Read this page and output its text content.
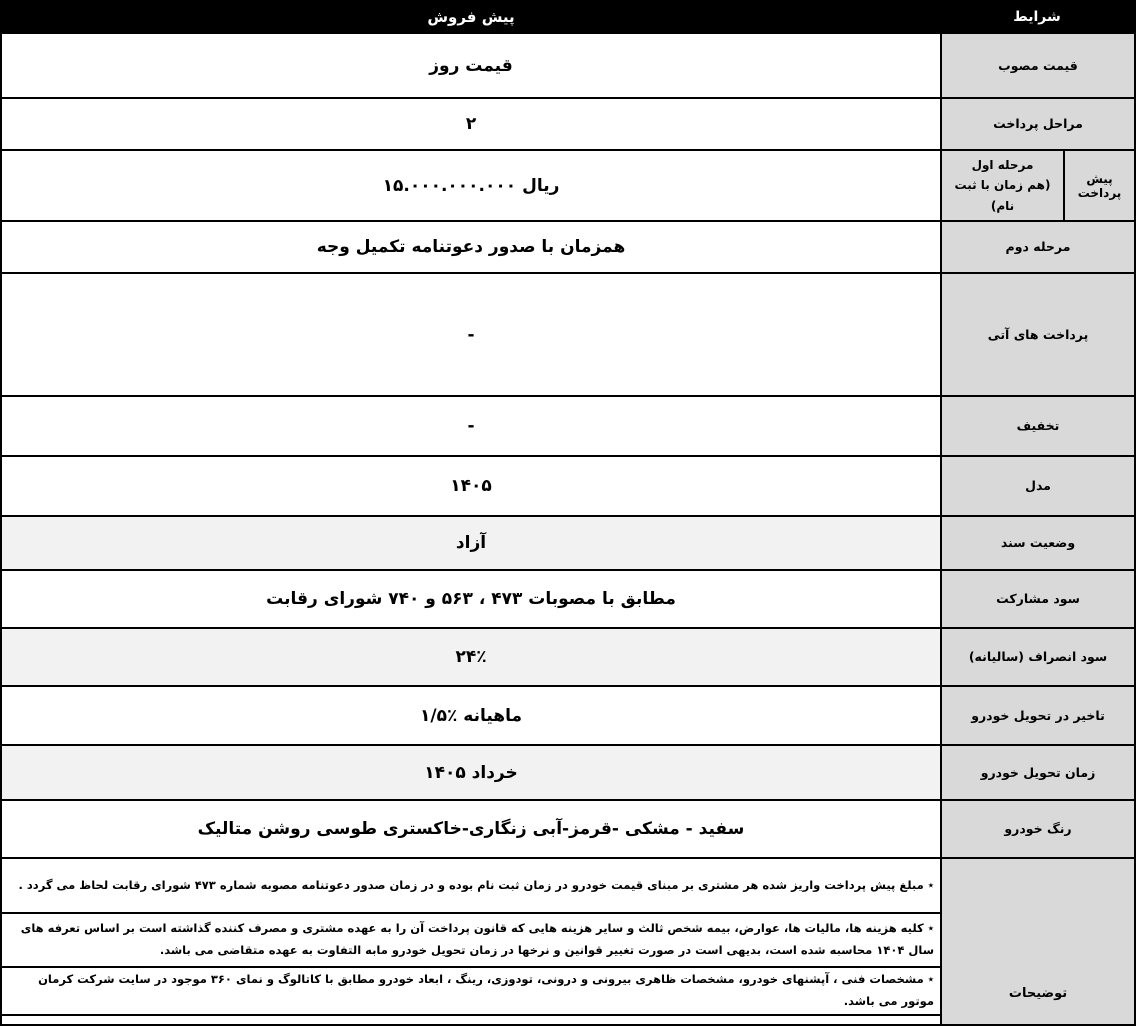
شرایط
پیش فروش
قیمت مصوب
قیمت روز
مراحل پرداخت
۲
پیش پرداخت
مرحله اول
(هم زمان با ثبت نام)
۱۵.۰۰۰.۰۰۰.۰۰۰ ریال
مرحله دوم
همزمان با صدور دعوتنامه تکمیل وجه
پرداخت های آتی
-
تخفیف
-
مدل
۱۴۰۵
وضعیت سند
آزاد
سود مشارکت
مطابق با مصوبات ۴۷۳ ، ۵۶۳ و ۷۴۰ شورای رقابت
سود انصراف (سالیانه)
۲۴٪
تاخیر در تحویل خودرو
۱/۵٪ ماهیانه
زمان تحویل خودرو
خرداد ۱۴۰۵
رنگ خودرو
سفید - مشکی -قرمز-آبی زنگاری-خاکستری طوسی روشن متالیک
توضیحات
٭ مبلغ پیش پرداخت واریز شده هر مشتری بر مبنای قیمت خودرو در زمان ثبت نام بوده و در زمان صدور دعوتنامه مصوبه شماره ۴۷۳ شورای رقابت لحاظ می گردد .
٭ کلیه هزینه ها، مالیات ها، عوارض، بیمه شخص ثالث و سایر هزینه هایی که قانون پرداخت آن را به عهده مشتری و مصرف کننده گذاشته است بر اساس تعرفه های سال ۱۴۰۴ محاسبه شده است، بدیهی است در صورت تغییر قوانین و نرخها در زمان تحویل خودرو مابه التفاوت به عهده متقاضی می باشد.
٭ مشخصات فنی ، آپشنهای خودرو، مشخصات ظاهری بیرونی و درونی، تودوزی، رینگ ، ابعاد خودرو مطابق با کاتالوگ و نمای ۳۶۰ موجود در سایت شرکت کرمان موتور می باشد.
